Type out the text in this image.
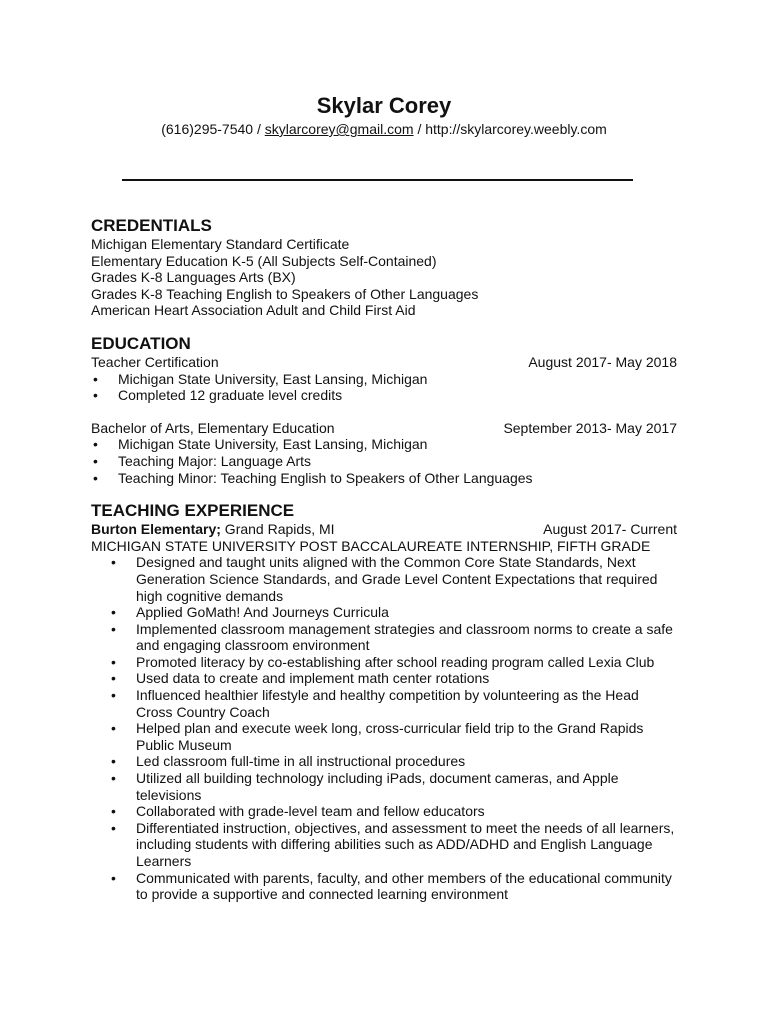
Skylar Corey
(616)295-7540 / skylarcorey@gmail.com / http://skylarcorey.weebly.com
CREDENTIALS
Michigan Elementary Standard Certificate
Elementary Education K-5 (All Subjects Self-Contained)
Grades K-8 Languages Arts (BX)
Grades K-8 Teaching English to Speakers of Other Languages
American Heart Association Adult and Child First Aid
EDUCATION
Teacher Certification	August 2017- May 2018
• Michigan State University, East Lansing, Michigan
• Completed 12 graduate level credits
Bachelor of Arts, Elementary Education	September 2013- May 2017
• Michigan State University, East Lansing, Michigan
• Teaching Major: Language Arts
• Teaching Minor: Teaching English to Speakers of Other Languages
TEACHING EXPERIENCE
Burton Elementary; Grand Rapids, MI	August 2017- Current
MICHIGAN STATE UNIVERSITY POST BACCALAUREATE INTERNSHIP, FIFTH GRADE
• Designed and taught units aligned with the Common Core State Standards, Next Generation Science Standards, and Grade Level Content Expectations that required high cognitive demands
• Applied GoMath! And Journeys Curricula
• Implemented classroom management strategies and classroom norms to create a safe and engaging classroom environment
• Promoted literacy by co-establishing after school reading program called Lexia Club
• Used data to create and implement math center rotations
• Influenced healthier lifestyle and healthy competition by volunteering as the Head Cross Country Coach
• Helped plan and execute week long, cross-curricular field trip to the Grand Rapids Public Museum
• Led classroom full-time in all instructional procedures
• Utilized all building technology including iPads, document cameras, and Apple televisions
• Collaborated with grade-level team and fellow educators
• Differentiated instruction, objectives, and assessment to meet the needs of all learners, including students with differing abilities such as ADD/ADHD and English Language Learners
• Communicated with parents, faculty, and other members of the educational community to provide a supportive and connected learning environment
